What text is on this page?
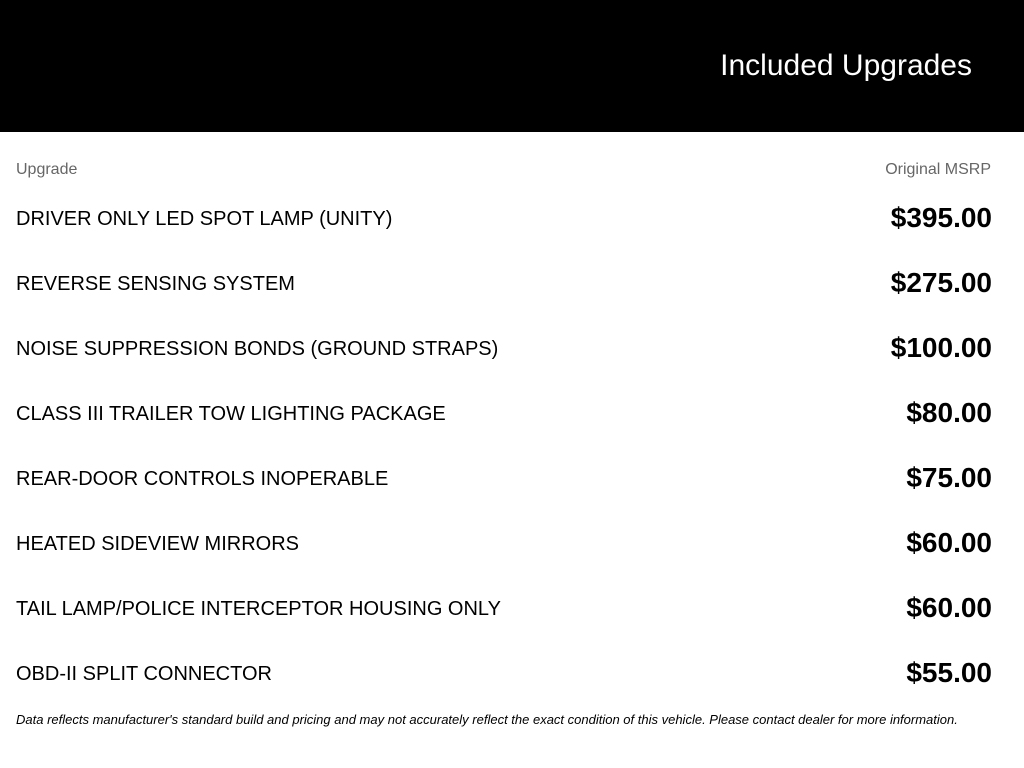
Included Upgrades
Upgrade	Original MSRP
DRIVER ONLY LED SPOT LAMP (UNITY)	$395.00
REVERSE SENSING SYSTEM	$275.00
NOISE SUPPRESSION BONDS (GROUND STRAPS)	$100.00
CLASS III TRAILER TOW LIGHTING PACKAGE	$80.00
REAR-DOOR CONTROLS INOPERABLE	$75.00
HEATED SIDEVIEW MIRRORS	$60.00
TAIL LAMP/POLICE INTERCEPTOR HOUSING ONLY	$60.00
OBD-II SPLIT CONNECTOR	$55.00
Data reflects manufacturer's standard build and pricing and may not accurately reflect the exact condition of this vehicle. Please contact dealer for more information.
